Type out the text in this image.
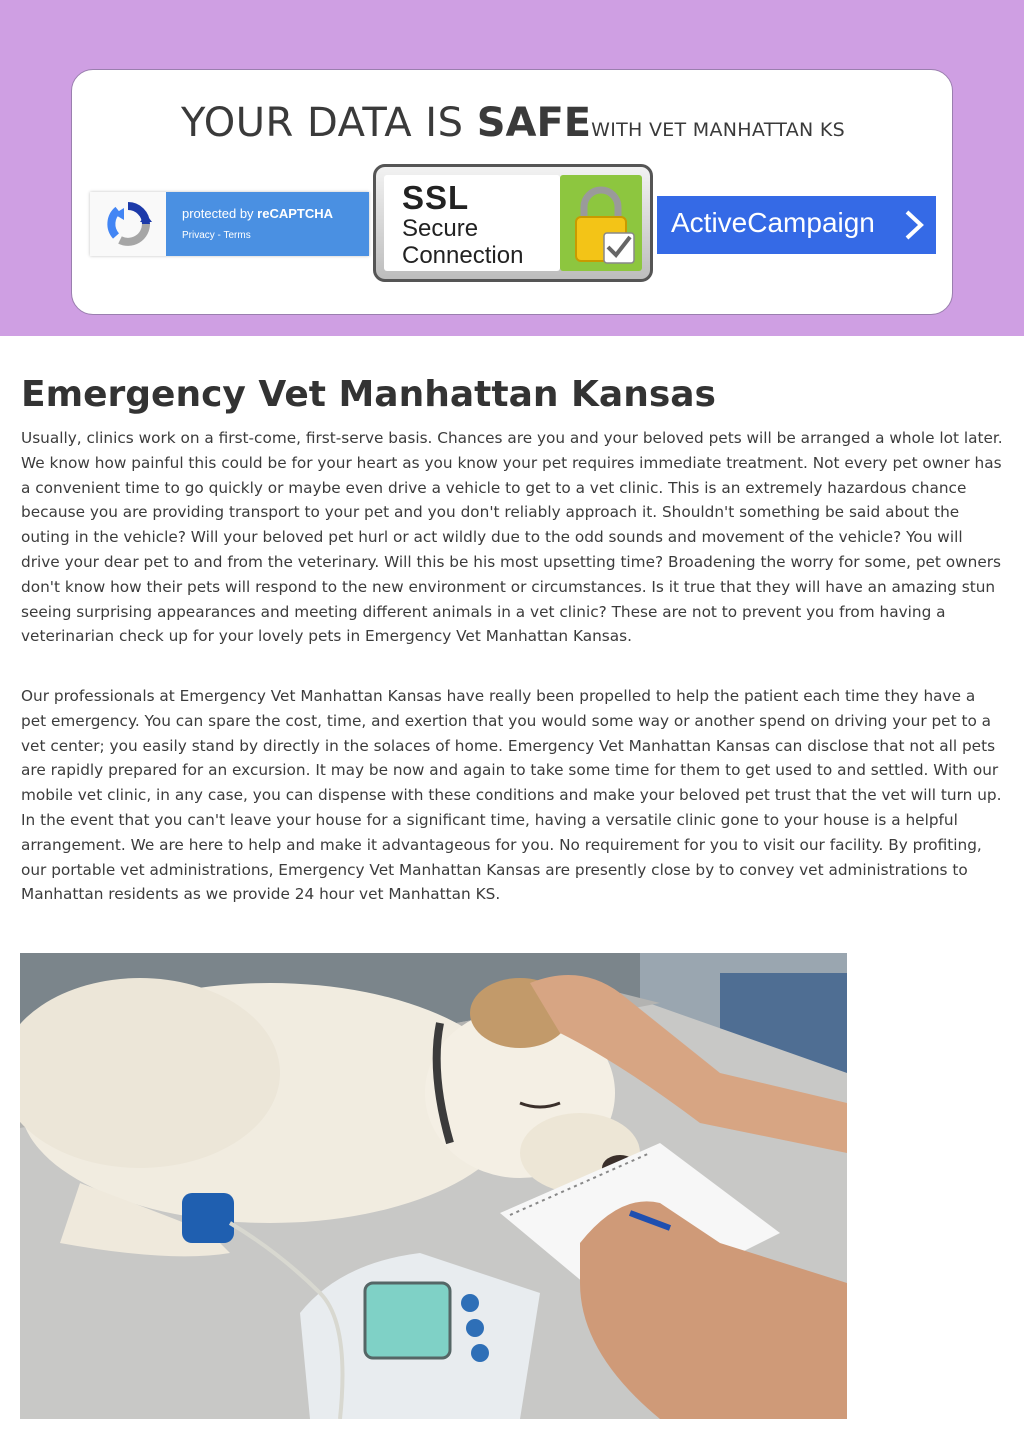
YOUR DATA IS SAFEWITH VET MANHATTAN KS
protected by reCAPTCHA
Privacy - Terms
SSL
Secure
Connection
ActiveCampaign
Emergency Vet Manhattan Kansas

Usually, clinics work on a first-come, first-serve basis. Chances are you and your beloved pets will be arranged a whole lot later. We know how painful this could be for your heart as you know your pet requires immediate treatment. Not every pet owner has a convenient time to go quickly or maybe even drive a vehicle to get to a vet clinic. This is an extremely hazardous chance because you are providing transport to your pet and you don't reliably approach it. Shouldn't something be said about the outing in the vehicle? Will your beloved pet hurl or act wildly due to the odd sounds and movement of the vehicle? You will drive your dear pet to and from the veterinary. Will this be his most upsetting time? Broadening the worry for some, pet owners don't know how their pets will respond to the new environment or circumstances. Is it true that they will have an amazing stun seeing surprising appearances and meeting different animals in a vet clinic? These are not to prevent you from having a veterinarian check up for your lovely pets in Emergency Vet Manhattan Kansas.

Our professionals at Emergency Vet Manhattan Kansas have really been propelled to help the patient each time they have a pet emergency. You can spare the cost, time, and exertion that you would some way or another spend on driving your pet to a vet center; you easily stand by directly in the solaces of home. Emergency Vet Manhattan Kansas can disclose that not all pets are rapidly prepared for an excursion. It may be now and again to take some time for them to get used to and settled. With our mobile vet clinic, in any case, you can dispense with these conditions and make your beloved pet trust that the vet will turn up. In the event that you can't leave your house for a significant time, having a versatile clinic gone to your house is a helpful arrangement. We are here to help and make it advantageous for you. No requirement for you to visit our facility. By profiting, our portable vet administrations, Emergency Vet Manhattan Kansas are presently close by to convey vet administrations to Manhattan residents as we provide 24 hour vet Manhattan KS.
